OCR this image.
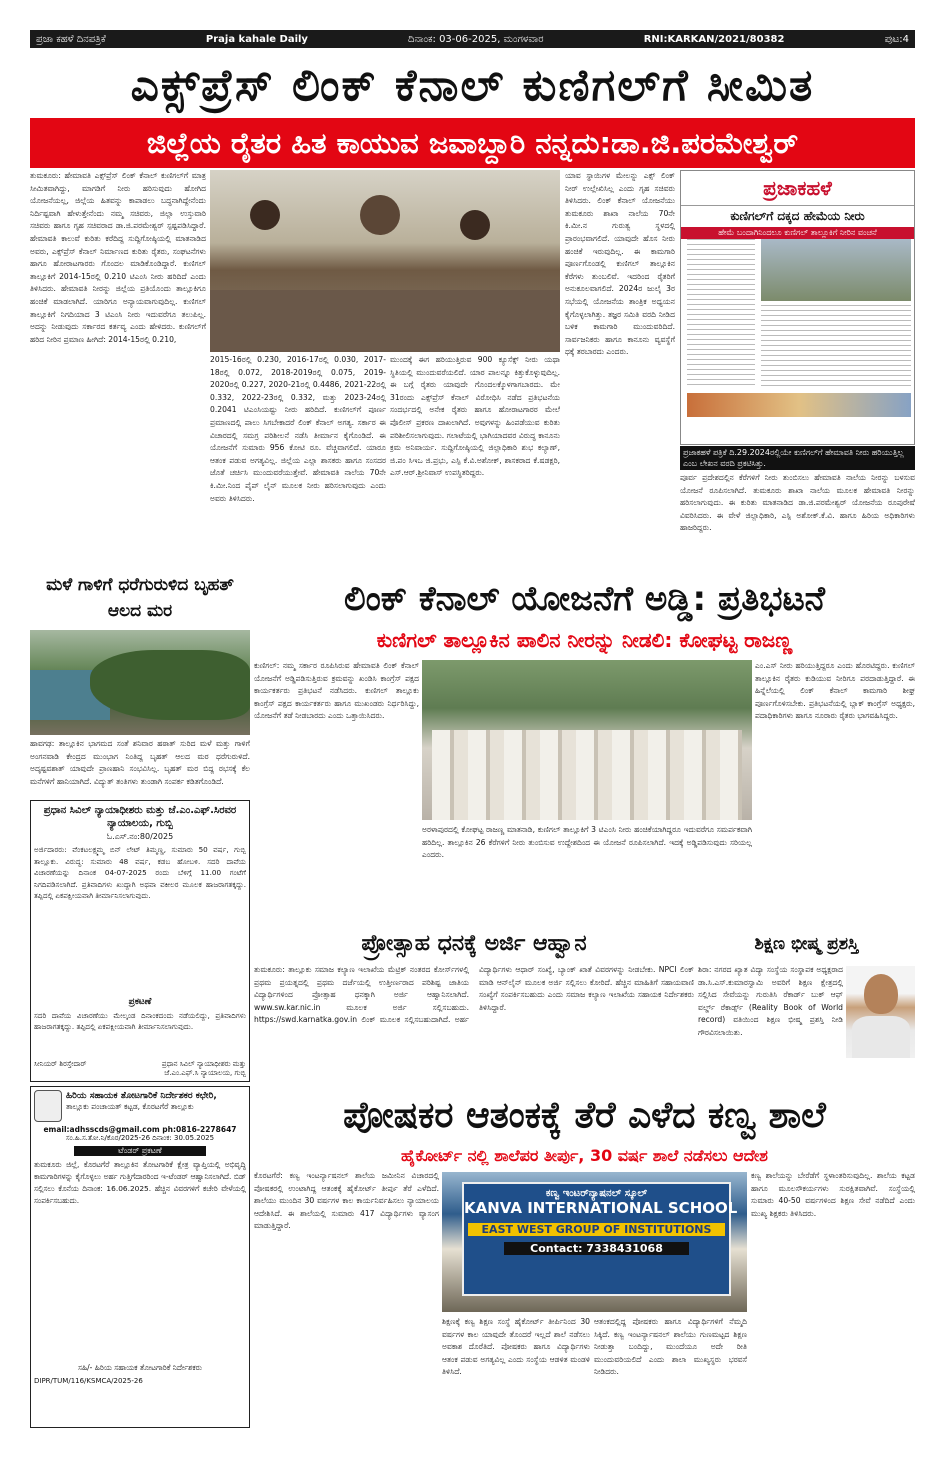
ಪ್ರಜಾ ಕಹಳೆ ದಿನಪತ್ರಿಕೆ	Praja kahale Daily	ದಿನಾಂಕ: 03-06-2025, ಮಂಗಳವಾರ	RNI:KARKAN/2021/80382	ಪುಟ:4
ಎಕ್ಸ್‌ಪ್ರೆಸ್ ಲಿಂಕ್ ಕೆನಾಲ್ ಕುಣಿಗಲ್‌ಗೆ ಸೀಮಿತ
ಜಿಲ್ಲೆಯ ರೈತರ ಹಿತ ಕಾಯುವ ಜವಾಬ್ದಾರಿ ನನ್ನದು:ಡಾ.ಜಿ.ಪರಮೇಶ್ವರ್
ತುಮಕೂರು: ಹೇಮಾವತಿ ಎಕ್ಸ್‌ಪ್ರೆಸ್ ಲಿಂಕ್ ಕೆನಾಲ್ ಕುಣಿಗಲ್‌ಗೆ ಮಾತ್ರ ಸೀಮಿತವಾಗಿದ್ದು, ಮಾಗಡಿಗೆ ನೀರು ಹರಿಸುವುದು ಹೋಗಿದ ಯೋಜನೆಯಲ್ಲ, ಜಿಲ್ಲೆಯ ಹಿತವನ್ನು ಕಾಪಾಡಲು ಬದ್ಧನಾಗಿದ್ದೇನೆಂದು ನಿರ್ದಿಷ್ಟವಾಗಿ ಹೇಳುತ್ತೇನೆಂದು ನಮ್ಮ ಸಚಿವರು, ಜಿಲ್ಲಾ ಉಸ್ತುವಾರಿ ಸಚಿವರು ಹಾಗೂ ಗೃಹ ಸಚಿವರಾದ ಡಾ.ಜಿ.ಪರಮೇಶ್ವರ್ ಸ್ಪಷ್ಟಪಡಿಸಿದ್ದಾರೆ. ಹೇಮಾವತಿ ಕಾಲುವೆ ಕುರಿತು ಕರೆದಿದ್ದ ಸುದ್ದಿಗೋಷ್ಠಿಯಲ್ಲಿ ಮಾತನಾಡಿದ ಅವರು, ಎಕ್ಸ್‌ಪ್ರೆಸ್ ಕೆನಾಲ್ ನಿರ್ಮಾಣದ ಕುರಿತು ರೈತರು, ಸಂಘಟನೆಗಳು ಹಾಗೂ ಹೋರಾಟಗಾರರು ಗೊಂದಲ ಮಾಡಿಕೊಂಡಿದ್ದಾರೆ. ಕುಣಿಗಲ್ ತಾಲ್ಲೂಕಿಗೆ 2014-15ರಲ್ಲಿ 0.210 ಟಿಎಂಸಿ ನೀರು ಹರಿದಿದೆ ಎಂದು ತಿಳಿಸಿದರು. ಹೇಮಾವತಿ ನೀರನ್ನು ಜಿಲ್ಲೆಯ ಪ್ರತಿಯೊಂದು ತಾಲ್ಲೂಕಿಗೂ ಹಂಚಿಕೆ ಮಾಡಲಾಗಿದೆ. ಯಾರಿಗೂ ಅನ್ಯಾಯವಾಗುವುದಿಲ್ಲ. ಕುಣಿಗಲ್ ತಾಲ್ಲೂಕಿಗೆ ನಿಗದಿಯಾದ 3 ಟಿಎಂಸಿ ನೀರು ಇದುವರೆಗೂ ತಲುಪಿಲ್ಲ. ಅದನ್ನು ನೀಡುವುದು ಸರ್ಕಾರದ ಕರ್ತವ್ಯ ಎಂದು ಹೇಳಿದರು. ಕುಣಿಗಲ್‌ಗೆ ಹರಿದ ನೀರಿನ ಪ್ರಮಾಣ ಹೀಗಿದೆ: 2014-15ರಲ್ಲಿ 0.210,
2015-16ರಲ್ಲಿ 0.230, 2016-17ರಲ್ಲಿ 0.030, 2017-18ರಲ್ಲಿ 0.072, 2018-2019ರಲ್ಲಿ 0.075, 2019-2020ರಲ್ಲಿ 0.227, 2020-21ರಲ್ಲಿ 0.4486, 2021-22ರಲ್ಲಿ 0.332, 2022-23ರಲ್ಲಿ 0.332, ಮತ್ತು 2023-24ರಲ್ಲಿ 0.2041 ಟಿಎಂಸಿಯಷ್ಟು ನೀರು ಹರಿದಿದೆ. ಕುಣಿಗಲ್‌ಗೆ ಪೂರ್ಣ ಪ್ರಮಾಣದಲ್ಲಿ ಪಾಲು ಸಿಗಬೇಕಾದರೆ ಲಿಂಕ್ ಕೆನಾಲ್ ಅಗತ್ಯ. ಸರ್ಕಾರ ಈ ವಿಚಾರದಲ್ಲಿ ಸಮಗ್ರ ಪರಿಶೀಲನೆ ನಡೆಸಿ ತೀರ್ಮಾನ ಕೈಗೊಂಡಿದೆ. ಈ ಯೋಜನೆಗೆ ಸುಮಾರು 956 ಕೋಟಿ ರೂ. ವೆಚ್ಚವಾಗಲಿದೆ. ಯಾರೂ ಆತಂಕ ಪಡುವ ಅಗತ್ಯವಿಲ್ಲ. ಜಿಲ್ಲೆಯ ಎಲ್ಲಾ ಶಾಸಕರು ಹಾಗೂ ಸಂಸದರ ಜೊತೆ ಚರ್ಚಿಸಿ ಮುಂದುವರೆಯುತ್ತೇವೆ. ಹೇಮಾವತಿ ನಾಲೆಯ 70ನೇ ಕಿ.ಮೀ.ನಿಂದ ಪೈಪ್ ಲೈನ್ ಮೂಲಕ ನೀರು ಹರಿಸಲಾಗುವುದು ಎಂದು ಅವರು ತಿಳಿಸಿದರು.
ಮುಂದಕ್ಕೆ ಈಗ ಹರಿಯುತ್ತಿರುವ 900 ಕ್ಯೂಸೆಕ್ಸ್ ನೀರು ಯಥಾ ಸ್ಥಿತಿಯಲ್ಲಿ ಮುಂದುವರೆಯಲಿದೆ. ಯಾರ ಪಾಲನ್ನೂ ಕಿತ್ತುಕೊಳ್ಳುವುದಿಲ್ಲ. ಈ ಬಗ್ಗೆ ರೈತರು ಯಾವುದೇ ಗೊಂದಲಕ್ಕೊಳಗಾಗಬಾರದು. ಮೇ 31ರಂದು ಎಕ್ಸ್‌ಪ್ರೆಸ್ ಕೆನಾಲ್ ವಿರೋಧಿಸಿ ನಡೆದ ಪ್ರತಿಭಟನೆಯ ಸಂದರ್ಭದಲ್ಲಿ ಅನೇಕ ರೈತರು ಹಾಗೂ ಹೋರಾಟಗಾರರ ಮೇಲೆ ಪೊಲೀಸ್ ಪ್ರಕರಣ ದಾಖಲಾಗಿದೆ. ಅವುಗಳನ್ನು ಹಿಂಪಡೆಯುವ ಕುರಿತು ಪರಿಶೀಲಿಸಲಾಗುವುದು. ಗಲಾಟೆಯಲ್ಲಿ ಭಾಗಿಯಾದವರ ವಿರುದ್ಧ ಕಾನೂನು ಕ್ರಮ ಅನಿವಾರ್ಯ. ಸುದ್ದಿಗೋಷ್ಠಿಯಲ್ಲಿ ಜಿಲ್ಲಾಧಿಕಾರಿ ಶುಭ ಕಲ್ಯಾಣ್, ಜಿ.ಪಂ ಸಿಇಒ ಜಿ.ಪ್ರಭು, ಎಸ್ಪಿ ಕೆ.ವಿ.ಅಶೋಕ್, ಶಾಸಕರಾದ ಕೆ.ಷಡಕ್ಷರಿ, ಎಸ್.ಆರ್.ಶ್ರೀನಿವಾಸ್ ಉಪಸ್ಥಿತರಿದ್ದರು.
ಯಾವ ಸ್ಥಾಯಿಗಳ ಮೇಲನ್ನು ಎಕ್ಸ್ ಲಿಂಕ್ ನೀರ್ ಉಲ್ಲೇಖಿಸಿಲ್ಲ ಎಂದು ಗೃಹ ಸಚಿವರು ತಿಳಿಸಿದರು. ಲಿಂಕ್ ಕೆನಾಲ್ ಯೋಜನೆಯು ತುಮಕೂರು ಶಾಖಾ ನಾಲೆಯ 70ನೇ ಕಿ.ಮೀ.ನ ಗುರುತ್ವ ಸ್ಥಳದಲ್ಲಿ ಪ್ರಾರಂಭವಾಗಲಿದೆ. ಯಾವುದೇ ಹೊಸ ನೀರು ಹಂಚಿಕೆ ಇರುವುದಿಲ್ಲ. ಈ ಕಾಮಗಾರಿ ಪೂರ್ಣಗೊಂಡಲ್ಲಿ ಕುಣಿಗಲ್ ತಾಲ್ಲೂಕಿನ ಕೆರೆಗಳು ತುಂಬಲಿವೆ. ಇದರಿಂದ ರೈತರಿಗೆ ಅನುಕೂಲವಾಗಲಿದೆ. 2024ರ ಜುಲೈ 3ರ ಸಭೆಯಲ್ಲಿ ಯೋಜನೆಯ ತಾಂತ್ರಿಕ ಅಧ್ಯಯನ ಕೈಗೊಳ್ಳಲಾಗಿತ್ತು. ತಜ್ಞರ ಸಮಿತಿ ವರದಿ ನೀಡಿದ ಬಳಿಕ ಕಾಮಗಾರಿ ಮುಂದುವರಿದಿದೆ. ಸಾರ್ವಜನಿಕರು ಹಾಗೂ ಕಾನೂನು ವ್ಯವಸ್ಥೆಗೆ ಧಕ್ಕೆ ತರಬಾರದು ಎಂದರು.
ಪ್ರಜಾಕಹಳೆ
ಕುಣಿಗಲ್‌ಗೆ ದಕ್ಕದ ಹೇಮೆಯ ನೀರು
ಹೇಮೆ ಬಂದಾಗಿನಿಂದಲೂ ಕುಣಿಗಲ್ ತಾಲ್ಲೂಕಿಗೆ ನೀರಿನ ವಂಚನೆ
ಪ್ರಜಾಕಹಳೆ ಪತ್ರಿಕೆ ದಿ.29.2024ರಲ್ಲಿಯೇ ಕುಣಿಗಲ್‌ಗೆ ಹೇಮಾವತಿ ನೀರು ಹರಿಯುತ್ತಿಲ್ಲ ಎಂಬ ಲೇಖನ ವರದಿ ಪ್ರಕಟಿಸಿತ್ತು.
ಪೂರ್ವ ಪ್ರದೇಶದಲ್ಲಿನ ಕೆರೆಗಳಿಗೆ ನೀರು ತುಂಬಿಸಲು ಹೇಮಾವತಿ ನಾಲೆಯ ನೀರನ್ನು ಬಳಸುವ ಯೋಜನೆ ರೂಪಿಸಲಾಗಿದೆ. ತುಮಕೂರು ಶಾಖಾ ನಾಲೆಯ ಮೂಲಕ ಹೇಮಾವತಿ ನೀರನ್ನು ಹರಿಸಲಾಗುವುದು. ಈ ಕುರಿತು ಮಾತನಾಡಿದ ಡಾ.ಜಿ.ಪರಮೇಶ್ವರ್ ಯೋಜನೆಯ ರೂಪುರೇಷೆ ವಿವರಿಸಿದರು. ಈ ವೇಳೆ ಜಿಲ್ಲಾಧಿಕಾರಿ, ಎಸ್ಪಿ ಅಶೋಕ್.ಕೆ.ವಿ. ಹಾಗೂ ಹಿರಿಯ ಅಧಿಕಾರಿಗಳು ಹಾಜರಿದ್ದರು.
ಮಳೆ ಗಾಳಿಗೆ ಧರೆಗುರುಳಿದ ಬೃಹತ್ ಆಲದ ಮರ
ಹಾವಗಢ: ತಾಲ್ಲೂಕಿನ ಭಾಗಮದ ಸಂತೆ ಶನಿವಾರ ಹಠಾತ್ ಸುರಿದ ಮಳೆ ಮತ್ತು ಗಾಳಿಗೆ ಅಂಗನವಾಡಿ ಕೇಂದ್ರದ ಮುಂಭಾಗ ನಿಂತಿದ್ದ ಬೃಹತ್ ಆಲದ ಮರ ಧರೆಗುರುಳಿದೆ. ಅದೃಷ್ಟವಶಾತ್ ಯಾವುದೇ ಪ್ರಾಣಹಾನಿ ಸಂಭವಿಸಿಲ್ಲ. ಬೃಹತ್ ಮರ ಬಿದ್ದ ರಭಸಕ್ಕೆ ಕೆಲ ಮನೆಗಳಿಗೆ ಹಾನಿಯಾಗಿದೆ. ವಿದ್ಯುತ್ ತಂತಿಗಳು ತುಂಡಾಗಿ ಸಂಪರ್ಕ ಕಡಿತಗೊಂಡಿದೆ.
ಪ್ರಧಾನ ಸಿವಿಲ್ ನ್ಯಾಯಾಧೀಶರು ಮತ್ತು ಜೆ.ಎಂ.ಎಫ್.ಸಿರವರ ನ್ಯಾಯಾಲಯ, ಗುಬ್ಬಿ
ಓ.ಎಸ್.ನಂ:80/2025
ಅರ್ಜಿದಾರರು: ವೆಂಕಟಲಕ್ಷ್ಮಮ್ಮ ಬಿನ್ ಲೇಟ್ ತಿಮ್ಮಣ್ಣ, ಸುಮಾರು 50 ವರ್ಷ, ಗುಬ್ಬಿ ತಾಲ್ಲೂಕು. ವಿರುದ್ಧ: ಸುಮಾರು 48 ವರ್ಷ, ಕಡಬ ಹೋಬಳಿ. ಸದರಿ ದಾವೆಯ ವಿಚಾರಣೆಯನ್ನು ದಿನಾಂಕ 04-07-2025 ರಂದು ಬೆಳಿಗ್ಗೆ 11.00 ಗಂಟೆಗೆ ನಿಗದಿಪಡಿಸಲಾಗಿದೆ. ಪ್ರತಿವಾದಿಗಳು ಖುದ್ದಾಗಿ ಅಥವಾ ವಕೀಲರ ಮೂಲಕ ಹಾಜರಾಗತಕ್ಕದ್ದು. ತಪ್ಪಿದಲ್ಲಿ ಏಕಪಕ್ಷೀಯವಾಗಿ ತೀರ್ಮಾನಿಸಲಾಗುವುದು.
ಪ್ರಕಟಣೆ
ಸದರಿ ದಾವೆಯ ವಿಚಾರಣೆಯು ಮೇಲ್ಕಂಡ ದಿನಾಂಕದಂದು ನಡೆಯಲಿದ್ದು, ಪ್ರತಿವಾದಿಗಳು ಹಾಜರಾಗತಕ್ಕದ್ದು. ತಪ್ಪಿದಲ್ಲಿ ಏಕಪಕ್ಷೀಯವಾಗಿ ತೀರ್ಮಾನಿಸಲಾಗುವುದು.
ಸೀನಿಯರ್ ಶಿರಸ್ತೇದಾರ್	ಪ್ರಧಾನ ಸಿವಿಲ್ ನ್ಯಾಯಾಧೀಶರು ಮತ್ತು ಜೆ.ಎಂ.ಎಫ್.ಸಿ ನ್ಯಾಯಾಲಯ, ಗುಬ್ಬಿ
ಹಿರಿಯ ಸಹಾಯಕ ತೋಟಗಾರಿಕೆ ನಿರ್ದೇಶಕರ ಕಛೇರಿ,
ತಾಲ್ಲೂಕು ಪಂಚಾಯತ್ ಕಟ್ಟಡ, ಕೊರಟಗೆರೆ ತಾಲ್ಲೂಕು
email:adhsscds@gmail.com ph:0816-2278647
ಸಂ.ಹಿ.ಸ.ತೋ.ನಿ/ಕೊರ/2025-26 ದಿನಾಂಕ: 30.05.2025
ಟೆಂಡರ್ ಪ್ರಕಟಣೆ
ತುಮಕೂರು ಜಿಲ್ಲೆ, ಕೊರಟಗೆರೆ ತಾಲ್ಲೂಕಿನ ತೋಟಗಾರಿಕೆ ಕ್ಷೇತ್ರ ವ್ಯಾಪ್ತಿಯಲ್ಲಿ ಅಭಿವೃದ್ಧಿ ಕಾಮಗಾರಿಗಳನ್ನು ಕೈಗೊಳ್ಳಲು ಅರ್ಹ ಗುತ್ತಿಗೆದಾರರಿಂದ ಇ-ಟೆಂಡರ್ ಆಹ್ವಾನಿಸಲಾಗಿದೆ. ಬಿಡ್ ಸಲ್ಲಿಸಲು ಕೊನೆಯ ದಿನಾಂಕ: 16.06.2025. ಹೆಚ್ಚಿನ ವಿವರಗಳಿಗೆ ಕಚೇರಿ ವೇಳೆಯಲ್ಲಿ ಸಂಪರ್ಕಿಸಬಹುದು.
ಸಹಿ/- ಹಿರಿಯ ಸಹಾಯಕ ತೋಟಗಾರಿಕೆ ನಿರ್ದೇಶಕರು
DIPR/TUM/116/KSMCA/2025-26
ಲಿಂಕ್ ಕೆನಾಲ್ ಯೋಜನೆಗೆ ಅಡ್ಡಿ: ಪ್ರತಿಭಟನೆ
ಕುಣಿಗಲ್ ತಾಲ್ಲೂಕಿನ ಪಾಲಿನ ನೀರನ್ನು ನೀಡಲಿ: ಕೋಘಟ್ಟ ರಾಜಣ್ಣ
ಕುಣಿಗಲ್: ನಮ್ಮ ಸರ್ಕಾರ ರೂಪಿಸಿರುವ ಹೇಮಾವತಿ ಲಿಂಕ್ ಕೆನಾಲ್ ಯೋಜನೆಗೆ ಅಡ್ಡಿಪಡಿಸುತ್ತಿರುವ ಕ್ರಮವನ್ನು ಖಂಡಿಸಿ ಕಾಂಗ್ರೆಸ್ ಪಕ್ಷದ ಕಾರ್ಯಕರ್ತರು ಪ್ರತಿಭಟನೆ ನಡೆಸಿದರು. ಕುಣಿಗಲ್ ತಾಲ್ಲೂಕು ಕಾಂಗ್ರೆಸ್ ಪಕ್ಷದ ಕಾರ್ಯಕರ್ತರು ಹಾಗೂ ಮುಖಂಡರು ನಿರ್ಧರಿಸಿದ್ದು, ಯೋಜನೆಗೆ ತಡೆ ನೀಡಬಾರದು ಎಂದು ಒತ್ತಾಯಿಸಿದರು.
ಅರಳಾಪುರದಲ್ಲಿ ಕೋಘಟ್ಟ ರಾಜಣ್ಣ ಮಾತನಾಡಿ, ಕುಣಿಗಲ್ ತಾಲ್ಲೂಕಿಗೆ 3 ಟಿಎಂಸಿ ನೀರು ಹಂಚಿಕೆಯಾಗಿದ್ದರೂ ಇದುವರೆಗೂ ಸಮರ್ಪಕವಾಗಿ ಹರಿದಿಲ್ಲ. ತಾಲ್ಲೂಕಿನ 26 ಕೆರೆಗಳಿಗೆ ನೀರು ತುಂಬಿಸುವ ಉದ್ದೇಶದಿಂದ ಈ ಯೋಜನೆ ರೂಪಿಸಲಾಗಿದೆ. ಇದಕ್ಕೆ ಅಡ್ಡಿಪಡಿಸುವುದು ಸರಿಯಲ್ಲ ಎಂದರು.
ಎಂ.ಎಸ್ ನೀರು ಹರಿಯುತ್ತಿದ್ದರೂ ಎಂದು ಹೊರಟಿದ್ದರು. ಕುಣಿಗಲ್ ತಾಲ್ಲೂಕಿನ ರೈತರು ಕುಡಿಯುವ ನೀರಿಗೂ ಪರದಾಡುತ್ತಿದ್ದಾರೆ. ಈ ಹಿನ್ನೆಲೆಯಲ್ಲಿ ಲಿಂಕ್ ಕೆನಾಲ್ ಕಾಮಗಾರಿ ಶೀಘ್ರ ಪೂರ್ಣಗೊಳಿಸಬೇಕು. ಪ್ರತಿಭಟನೆಯಲ್ಲಿ ಬ್ಲಾಕ್ ಕಾಂಗ್ರೆಸ್ ಅಧ್ಯಕ್ಷರು, ಪದಾಧಿಕಾರಿಗಳು ಹಾಗೂ ನೂರಾರು ರೈತರು ಭಾಗವಹಿಸಿದ್ದರು.
ಪ್ರೋತ್ಸಾಹ ಧನಕ್ಕೆ ಅರ್ಜಿ ಆಹ್ವಾನ
ತುಮಕೂರು: ತಾಲ್ಲೂಕು ಸಮಾಜ ಕಲ್ಯಾಣ ಇಲಾಖೆಯ ಮೆಟ್ರಿಕ್ ನಂತರದ ಕೋರ್ಸ್‌ಗಳಲ್ಲಿ ಪ್ರಥಮ ಪ್ರಯತ್ನದಲ್ಲಿ ಪ್ರಥಮ ದರ್ಜೆಯಲ್ಲಿ ಉತ್ತೀರ್ಣರಾದ ಪರಿಶಿಷ್ಟ ಜಾತಿಯ ವಿದ್ಯಾರ್ಥಿಗಳಿಂದ ಪ್ರೋತ್ಸಾಹ ಧನಕ್ಕಾಗಿ ಅರ್ಜಿ ಆಹ್ವಾನಿಸಲಾಗಿದೆ. www.sw.kar.nic.in ಮೂಲಕ ಅರ್ಜಿ ಸಲ್ಲಿಸಬಹುದು. https://swd.karnatka.gov.in ಲಿಂಕ್ ಮೂಲಕ ಸಲ್ಲಿಸಬಹುದಾಗಿದೆ. ಅರ್ಹ ವಿದ್ಯಾರ್ಥಿಗಳು ಆಧಾರ್ ಸಂಖ್ಯೆ, ಬ್ಯಾಂಕ್ ಖಾತೆ ವಿವರಗಳನ್ನು ನೀಡಬೇಕು. NPCI ಲಿಂಕ್ ಮಾಡಿ ಆನ್‌ಲೈನ್ ಮೂಲಕ ಅರ್ಜಿ ಸಲ್ಲಿಸಲು ಕೋರಿದೆ. ಹೆಚ್ಚಿನ ಮಾಹಿತಿಗೆ ಸಹಾಯವಾಣಿ ಸಂಖ್ಯೆಗೆ ಸಂಪರ್ಕಿಸಬಹುದು ಎಂದು ಸಮಾಜ ಕಲ್ಯಾಣ ಇಲಾಖೆಯ ಸಹಾಯಕ ನಿರ್ದೇಶಕರು ತಿಳಿಸಿದ್ದಾರೆ.
ಶಿಕ್ಷಣ ಭೀಷ್ಮ ಪ್ರಶಸ್ತಿ
ಶಿರಾ: ನಗರದ ಖ್ಯಾತ ವಿದ್ಯಾ ಸಂಸ್ಥೆಯ ಸಂಸ್ಥಾಪಕ ಅಧ್ಯಕ್ಷರಾದ ಡಾ.ಸಿ.ಎಸ್.ಕುಮಾರಸ್ವಾಮಿ ಅವರಿಗೆ ಶಿಕ್ಷಣ ಕ್ಷೇತ್ರದಲ್ಲಿ ಸಲ್ಲಿಸಿದ ಸೇವೆಯನ್ನು ಗುರುತಿಸಿ ರೆಕಾರ್ಡ್ ಬುಕ್ ಆಫ್ ವರ್ಲ್ಡ್ ರೆಕಾರ್ಡ್ಸ್ (Reality Book of World record) ವತಿಯಿಂದ ಶಿಕ್ಷಣ ಭೀಷ್ಮ ಪ್ರಶಸ್ತಿ ನೀಡಿ ಗೌರವಿಸಲಾಯಿತು.
ಪೋಷಕರ ಆತಂಕಕ್ಕೆ ತೆರೆ ಎಳೆದ ಕಣ್ವ ಶಾಲೆ
ಹೈಕೋರ್ಟ್ ನಲ್ಲಿ ಶಾಲೆಪರ ತೀರ್ಪು, 30 ವರ್ಷ ಶಾಲೆ ನಡೆಸಲು ಆದೇಶ
ಕೊರಟಗೆರೆ: ಕಣ್ವ ಇಂಟರ್ನ್ಯಾಷನಲ್ ಶಾಲೆಯ ಜಮೀನಿನ ವಿಚಾರದಲ್ಲಿ ಪೋಷಕರಲ್ಲಿ ಉಂಟಾಗಿದ್ದ ಆತಂಕಕ್ಕೆ ಹೈಕೋರ್ಟ್ ತೀರ್ಪು ತೆರೆ ಎಳೆದಿದೆ. ಶಾಲೆಯು ಮುಂದಿನ 30 ವರ್ಷಗಳ ಕಾಲ ಕಾರ್ಯನಿರ್ವಹಿಸಲು ನ್ಯಾಯಾಲಯ ಆದೇಶಿಸಿದೆ. ಈ ಶಾಲೆಯಲ್ಲಿ ಸುಮಾರು 417 ವಿದ್ಯಾರ್ಥಿಗಳು ವ್ಯಾಸಂಗ ಮಾಡುತ್ತಿದ್ದಾರೆ.
ಕಣ್ವ ಇಂಟರ್‌ನ್ಯಾಷನಲ್ ಸ್ಕೂಲ್
KANVA INTERNATIONAL SCHOOL
EAST WEST GROUP OF INSTITUTIONS
Contact: 7338431068
ಶಿಕ್ಷಣಕ್ಕೆ ಕಣ್ವ ಶಿಕ್ಷಣ ಸಂಸ್ಥೆ ಹೈಕೋರ್ಟ್ ತೀರ್ಪಿನಿಂದ 30 ವರ್ಷಗಳ ಕಾಲ ಯಾವುದೇ ತೊಂದರೆ ಇಲ್ಲದೆ ಶಾಲೆ ನಡೆಸಲು ಅವಕಾಶ ದೊರೆತಿದೆ. ಪೋಷಕರು ಹಾಗೂ ವಿದ್ಯಾರ್ಥಿಗಳು ಆತಂಕ ಪಡುವ ಅಗತ್ಯವಿಲ್ಲ ಎಂದು ಸಂಸ್ಥೆಯ ಆಡಳಿತ ಮಂಡಳಿ ತಿಳಿಸಿದೆ.
ಆತಂಕದಲ್ಲಿದ್ದ ಪೋಷಕರು ಹಾಗೂ ವಿದ್ಯಾರ್ಥಿಗಳಿಗೆ ನೆಮ್ಮದಿ ಸಿಕ್ಕಿದೆ. ಕಣ್ವ ಇಂಟರ್ನ್ಯಾಷನಲ್ ಶಾಲೆಯು ಗುಣಮಟ್ಟದ ಶಿಕ್ಷಣ ನೀಡುತ್ತಾ ಬಂದಿದ್ದು, ಮುಂದೆಯೂ ಅದೇ ರೀತಿ ಮುಂದುವರಿಯಲಿದೆ ಎಂದು ಶಾಲಾ ಮುಖ್ಯಸ್ಥರು ಭರವಸೆ ನೀಡಿದರು.
ಕಣ್ವ ಶಾಲೆಯನ್ನು ಬೇರೆಡೆಗೆ ಸ್ಥಳಾಂತರಿಸುವುದಿಲ್ಲ. ಶಾಲೆಯ ಕಟ್ಟಡ ಹಾಗೂ ಮೂಲಸೌಕರ್ಯಗಳು ಸುರಕ್ಷಿತವಾಗಿವೆ. ಸಂಸ್ಥೆಯಲ್ಲಿ ಸುಮಾರು 40-50 ವರ್ಷಗಳಿಂದ ಶಿಕ್ಷಣ ಸೇವೆ ನಡೆದಿದೆ ಎಂದು ಮುಖ್ಯ ಶಿಕ್ಷಕರು ತಿಳಿಸಿದರು.
